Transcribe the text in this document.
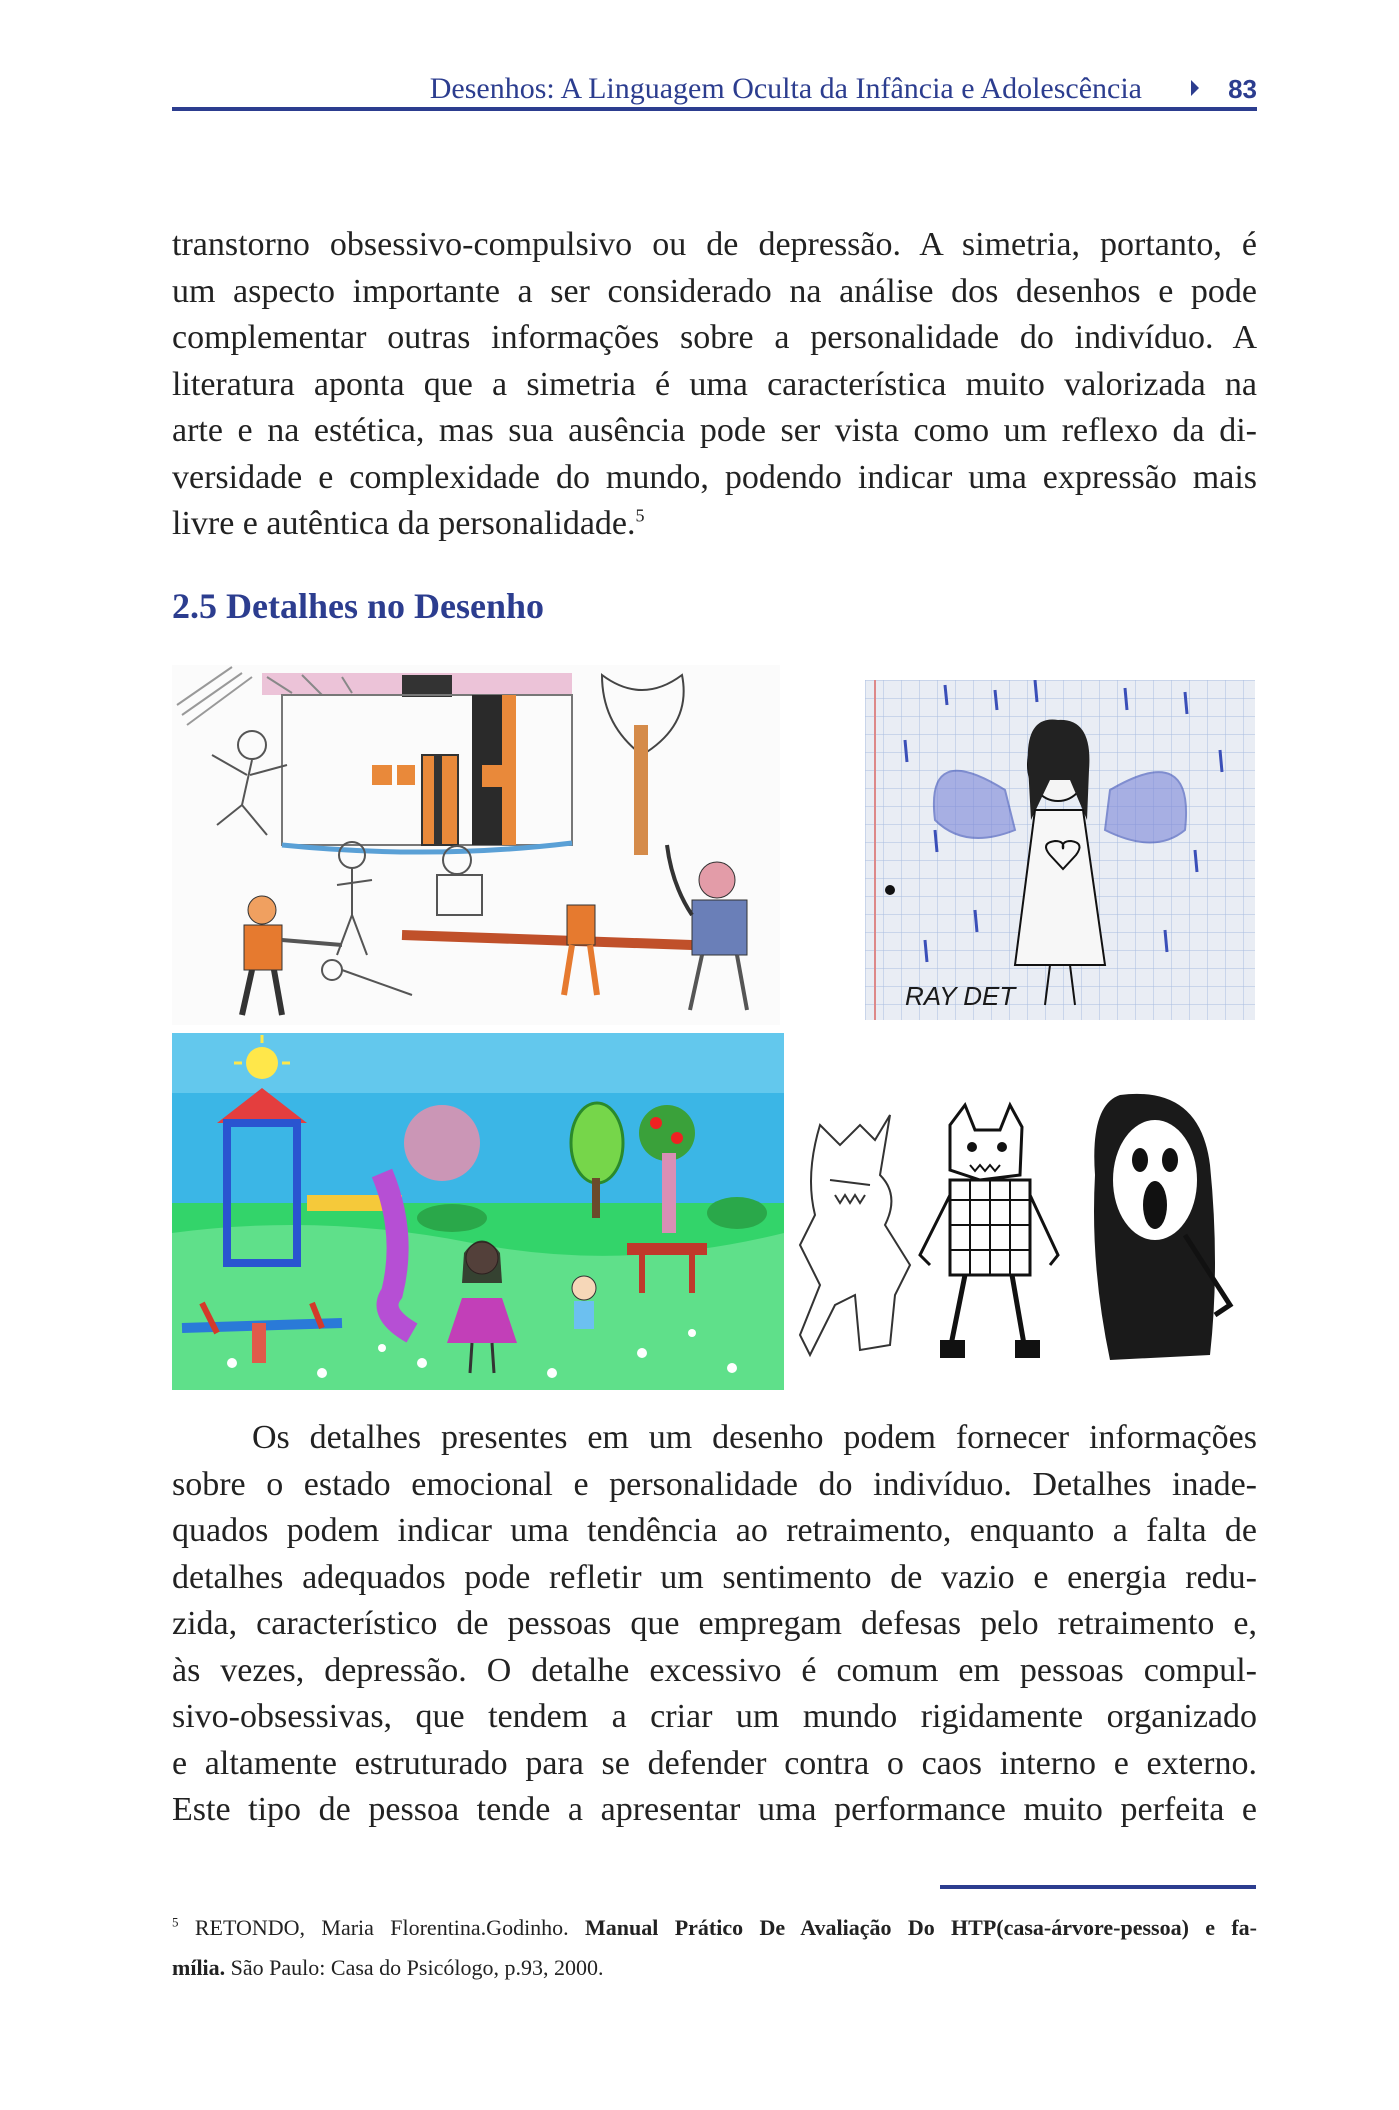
Desenhos: A Linguagem Oculta da Infância e Adolescência	83
transtorno obsessivo-compulsivo ou de depressão. A simetria, portanto, é
um aspecto importante a ser considerado na análise dos desenhos e pode
complementar outras informações sobre a personalidade do indivíduo. A
literatura aponta que a simetria é uma característica muito valorizada na
arte e na estética, mas sua ausência pode ser vista como um reflexo da di-
versidade e complexidade do mundo, podendo indicar uma expressão mais
livre e autêntica da personalidade.$^5$
2.5 Detalhes no Desenho
RAY DET
Os detalhes presentes em um desenho podem fornecer informações
sobre o estado emocional e personalidade do indivíduo. Detalhes inade-
quados podem indicar uma tendência ao retraimento, enquanto a falta de
detalhes adequados pode refletir um sentimento de vazio e energia redu-
zida, característico de pessoas que empregam defesas pelo retraimento e,
às vezes, depressão. O detalhe excessivo é comum em pessoas compul-
sivo-obsessivas, que tendem a criar um mundo rigidamente organizado
e altamente estruturado para se defender contra o caos interno e externo.
Este tipo de pessoa tende a apresentar uma performance muito perfeita e
$^5$ RETONDO, Maria Florentina.Godinho. Manual Prático De Avaliação Do HTP(casa-árvore-pessoa) e fa-
mília. São Paulo: Casa do Psicólogo, p.93, 2000.
